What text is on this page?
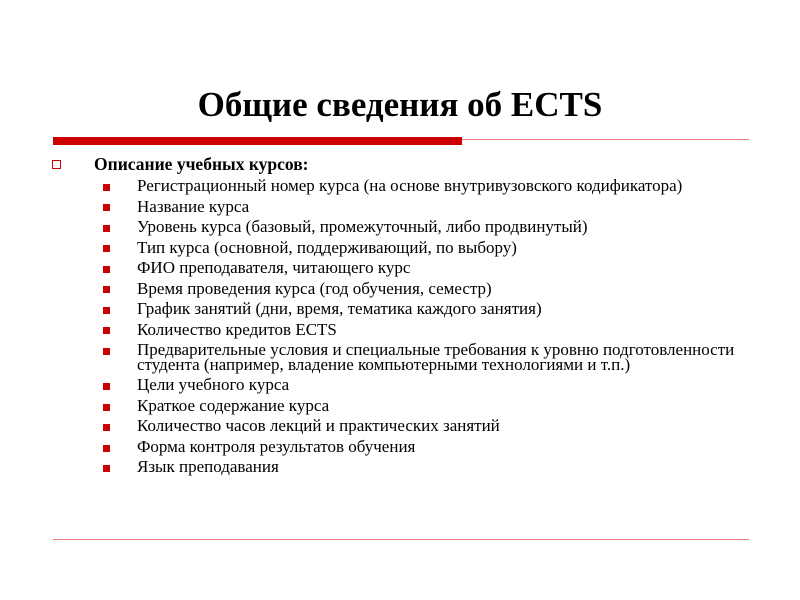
Общие сведения об ECTS
Описание учебных курсов:
Регистрационный номер курса (на основе внутривузовского кодификатора)
Название курса
Уровень курса (базовый, промежуточный, либо продвинутый)
Тип курса (основной, поддерживающий, по выбору)
ФИО преподавателя, читающего курс
Время проведения курса (год обучения, семестр)
График занятий (дни, время, тематика каждого занятия)
Количество кредитов ECTS
Предварительные условия и специальные требования к уровню подготовленности студента (например, владение компьютерными технологиями и т.п.)
Цели учебного курса
Краткое содержание курса
Количество часов лекций и практических занятий
Форма контроля результатов обучения
Язык преподавания
